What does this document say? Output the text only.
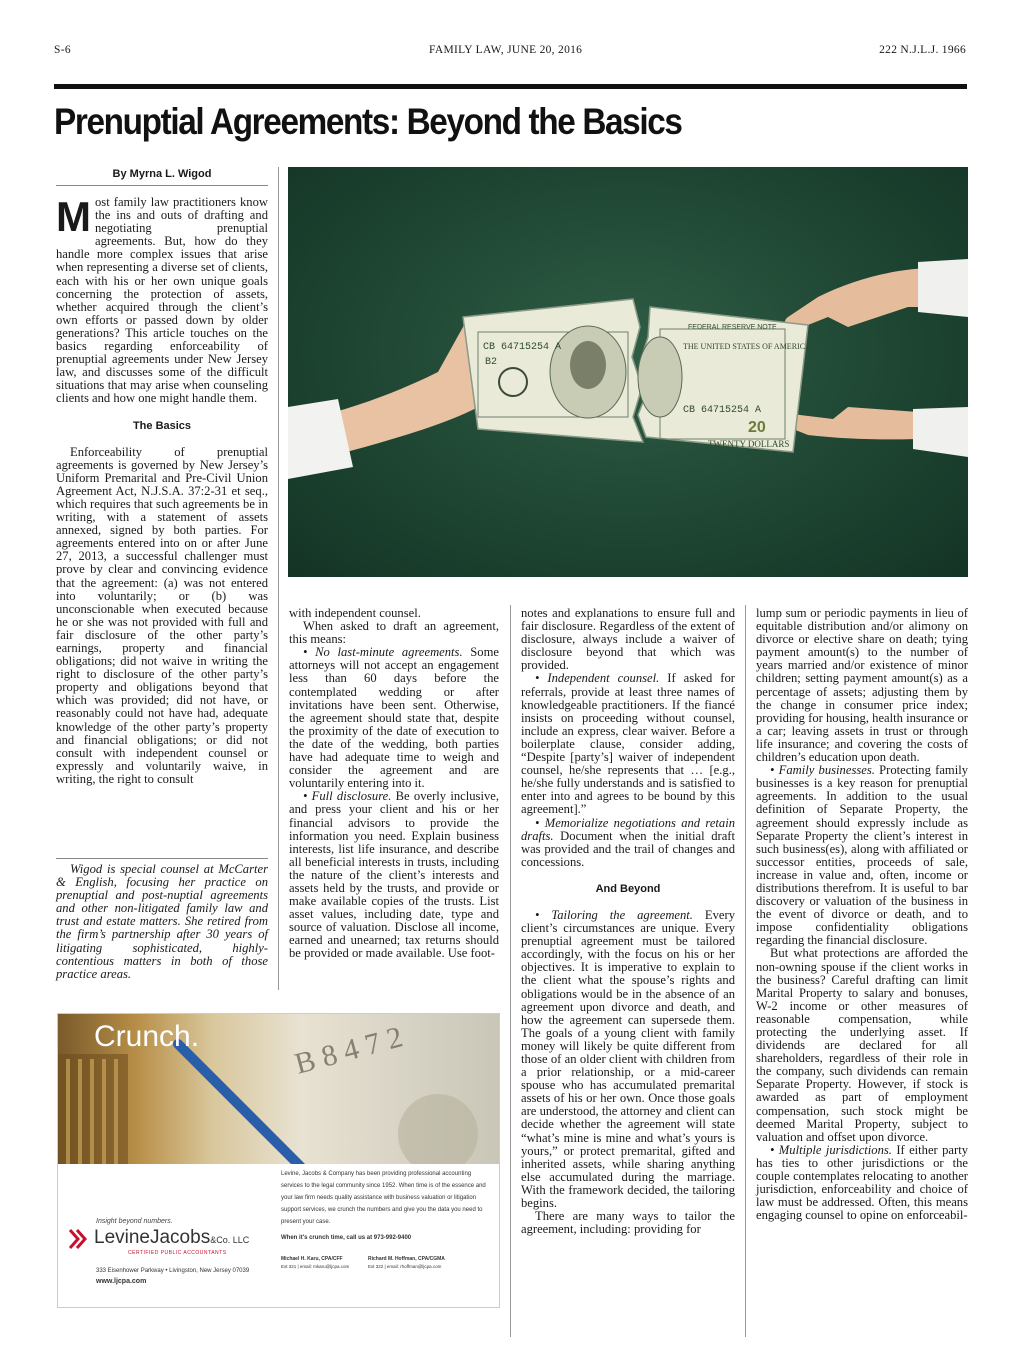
S-6	FAMILY LAW, JUNE 20, 2016	222 N.J.L.J. 1966
Prenuptial Agreements: Beyond the Basics
By Myrna L. Wigod

Most family law practitioners know the ins and outs of drafting and negotiating prenuptial agreements. But, how do they handle more complex issues that arise when representing a diverse set of clients, each with his or her own unique goals concerning the protection of assets, whether acquired through the client’s own efforts or passed down by older generations? This article touches on the basics regarding enforceability of prenuptial agreements under New Jersey law, and discusses some of the difficult situations that may arise when counseling clients and how one might handle them.

The Basics

Enforceability of prenuptial agreements is governed by New Jersey’s Uniform Premarital and Pre-Civil Union Agreement Act, N.J.S.A. 37:2-31 et seq., which requires that such agreements be in writing, with a statement of assets annexed, signed by both parties. For agreements entered into on or after June 27, 2013, a successful challenger must prove by clear and convincing evidence that the agreement: (a) was not entered into voluntarily; or (b) was unconscionable when executed because he or she was not provided with full and fair disclosure of the other party’s earnings, property and financial obligations; did not waive in writing the right to disclosure of the other party’s property and obligations beyond that which was provided; did not have, or reasonably could not have had, adequate knowledge of the other party’s property and financial obligations; or did not consult with independent counsel or expressly and voluntarily waive, in writing, the right to consult

Wigod is special counsel at McCarter & English, focusing her practice on prenuptial and post-nuptial agreements and other non-litigated family law and trust and estate matters. She retired from the firm’s partnership after 30 years of litigating sophisticated, highly-contentious matters in both of those practice areas.
CB 64715254 A
B2
FEDERAL RESERVE NOTE
THE UNITED STATES OF AMERICA
CB 64715254 A
TWENTY DOLLARS
20

with independent counsel.

When asked to draft an agreement, this means:

• No last-minute agreements. Some attorneys will not accept an engagement less than 60 days before the contemplated wedding or after invitations have been sent. Otherwise, the agreement should state that, despite the proximity of the date of execution to the date of the wedding, both parties have had adequate time to weigh and consider the agreement and are voluntarily entering into it.

• Full disclosure. Be overly inclusive, and press your client and his or her financial advisors to provide the information you need. Explain business interests, list life insurance, and describe all beneficial interests in trusts, including the nature of the client’s interests and assets held by the trusts, and provide or make available copies of the trusts. List asset values, including date, type and source of valuation. Disclose all income, earned and unearned; tax returns should be provided or made available. Use foot-

notes and explanations to ensure full and fair disclosure. Regardless of the extent of disclosure, always include a waiver of disclosure beyond that which was provided.

• Independent counsel. If asked for referrals, provide at least three names of knowledgeable practitioners. If the fiancé insists on proceeding without counsel, include an express, clear waiver. Before a boilerplate clause, consider adding, “Despite [party’s] waiver of independent counsel, he/she represents that … [e.g., he/she fully understands and is satisfied to enter into and agrees to be bound by this agreement].”

• Memorialize negotiations and retain drafts. Document when the initial draft was provided and the trail of changes and concessions.

And Beyond

• Tailoring the agreement. Every client’s circumstances are unique. Every prenuptial agreement must be tailored accordingly, with the focus on his or her objectives. It is imperative to explain to the client what the spouse’s rights and obligations would be in the absence of an agreement upon divorce and death, and how the agreement can supersede them. The goals of a young client with family money will likely be quite different from those of an older client with children from a prior relationship, or a mid-career spouse who has accumulated premarital assets of his or her own. Once those goals are understood, the attorney and client can decide whether the agreement will state “what’s mine is mine and what’s yours is yours,” or protect premarital, gifted and inherited assets, while sharing anything else accumulated during the marriage. With the framework decided, the tailoring begins.

There are many ways to tailor the agreement, including: providing for

lump sum or periodic payments in lieu of equitable distribution and/or alimony on divorce or elective share on death; tying payment amount(s) to the number of years married and/or existence of minor children; setting payment amount(s) as a percentage of assets; adjusting them by the change in consumer price index; providing for housing, health insurance or a car; leaving assets in trust or through life insurance; and covering the costs of children’s education upon death.

• Family businesses. Protecting family businesses is a key reason for prenuptial agreements. In addition to the usual definition of Separate Property, the agreement should expressly include as Separate Property the client’s interest in such business(es), along with affiliated or successor entities, proceeds of sale, increase in value and, often, income or distributions therefrom. It is useful to bar discovery or valuation of the business in the event of divorce or death, and to impose confidentiality obligations regarding the financial disclosure.

But what protections are afforded the non-owning spouse if the client works in the business? Careful drafting can limit Marital Property to salary and bonuses, W-2 income or other measures of reasonable compensation, while protecting the underlying asset. If dividends are declared for all shareholders, regardless of their role in the company, such dividends can remain Separate Property. However, if stock is awarded as part of employment compensation, such stock might be deemed Marital Property, subject to valuation and offset upon divorce.

• Multiple jurisdictions. If either party has ties to other jurisdictions or the couple contemplates relocating to another jurisdiction, enforceability and choice of law must be addressed. Often, this means engaging counsel to opine on enforceabil-

B 8 4 7 2
Crunch.
Insight beyond numbers.
LevineJacobs&Co. LLC
CERTIFIED PUBLIC ACCOUNTANTS
333 Eisenhower Parkway • Livingston, New Jersey 07039
www.ljcpa.com
Levine, Jacobs & Company has been providing professional accounting services to the legal community since 1952. When time is of the essence and your law firm needs quality assistance with business valuation or litigation support services, we crunch the numbers and give you the data you need to present your case.
When it's crunch time, call us at 973-992-9400
Michael H. Karu, CPA/CFF
Ext 321 | email: mkaru@ljcpa.com
Richard M. Hoffman, CPA/CGMA
Ext 322 | email: rhoffman@ljcpa.com
